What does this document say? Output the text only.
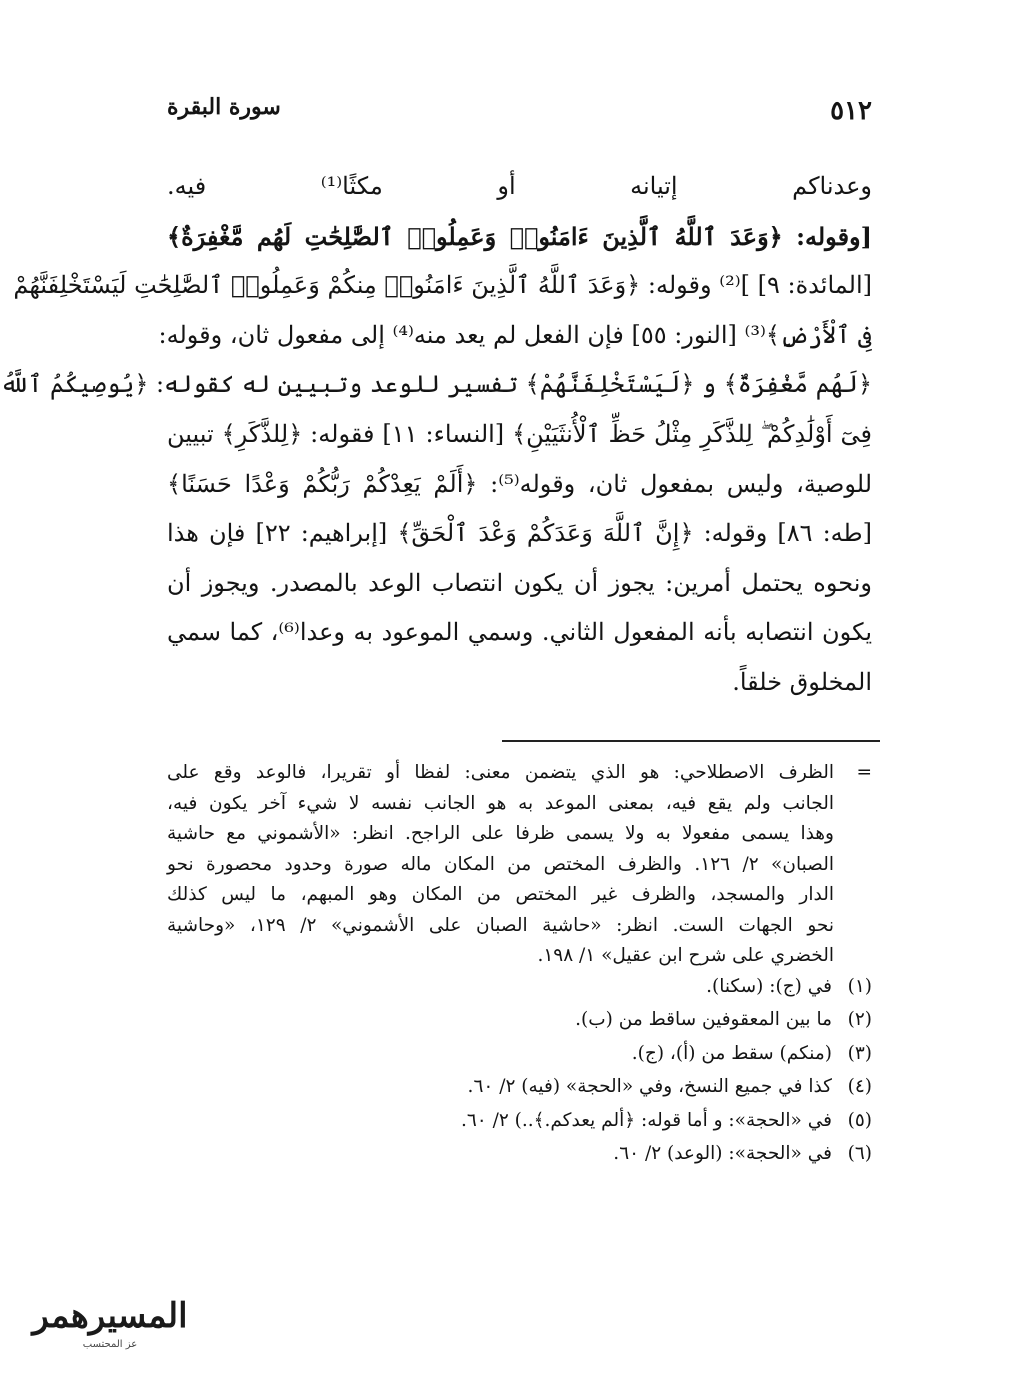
٥١٢
سورة البقرة
وعدناكم إتيانه أو مكثًا⁽¹⁾ فيه.
[وقوله: ﴿وَعَدَ ٱللَّهُ ٱلَّذِينَ ءَامَنُوا۟ وَعَمِلُوا۟ ٱلصَّٰلِحَٰتِ لَهُم مَّغْفِرَةٌ﴾
[المائدة: ٩] ]⁽²⁾ وقوله: ﴿وَعَدَ ٱللَّهُ ٱلَّذِينَ ءَامَنُوا۟ مِنكُمْ وَعَمِلُوا۟ ٱلصَّٰلِحَٰتِ لَيَسْتَخْلِفَنَّهُمْ
فِى ٱلْأَرْضِ﴾⁽³⁾ [النور: ٥٥] فإن الفعل لم يعد منه⁽⁴⁾ إلى مفعول ثان، وقوله:
﴿لَهُم مَّغْفِرَةٌ﴾ و ﴿لَيَسْتَخْلِفَنَّهُمْ﴾ تفسير للوعد وتبيين له كقوله: ﴿يُوصِيكُمُ ٱللَّهُ
فِىٓ أَوْلَٰدِكُمْ ۖ لِلذَّكَرِ مِثْلُ حَظِّ ٱلْأُنثَيَيْنِ﴾ [النساء: ١١] فقوله: ﴿لِلذَّكَرِ﴾ تبيين
للوصية، وليس بمفعول ثان، وقوله⁽⁵⁾: ﴿أَلَمْ يَعِدْكُمْ رَبُّكُمْ وَعْدًا حَسَنًا﴾
[طه: ٨٦] وقوله: ﴿إِنَّ ٱللَّهَ وَعَدَكُمْ وَعْدَ ٱلْحَقِّ﴾ [إبراهيم: ٢٢] فإن هذا
ونحوه يحتمل أمرين: يجوز أن يكون انتصاب الوعد بالمصدر. ويجوز أن
يكون انتصابه بأنه المفعول الثاني. وسمي الموعود به وعدا⁽⁶⁾، كما سمي
المخلوق خلقاً.
=
الظرف الاصطلاحي: هو الذي يتضمن معنى: لفظا أو تقريرا، فالوعد وقع على
الجانب ولم يقع فيه، بمعنى الموعد به هو الجانب نفسه لا شيء آخر يكون فيه،
وهذا يسمى مفعولا به ولا يسمى ظرفا على الراجح. انظر: «الأشموني مع حاشية
الصبان» ٢/ ١٢٦. والظرف المختص من المكان ماله صورة وحدود محصورة نحو
الدار والمسجد، والظرف غير المختص من المكان وهو المبهم، ما ليس كذلك
نحو الجهات الست. انظر: «حاشية الصبان على الأشموني» ٢/ ١٢٩، «وحاشية
الخضري على شرح ابن عقيل» ١/ ١٩٨.
(١)
في (ج): (سكنا).
(٢)
ما بين المعقوفين ساقط من (ب).
(٣)
(منكم) سقط من (أ)، (ج).
(٤)
كذا في جميع النسخ، وفي «الحجة» (فيه) ٢/ ٦٠.
(٥)
في «الحجة»: و أما قوله: ﴿ألم يعدكم.﴾..) ٢/ ٦٠.
(٦)
في «الحجة»: (الوعد) ٢/ ٦٠.
المسيرهمر
عز المحتسب
